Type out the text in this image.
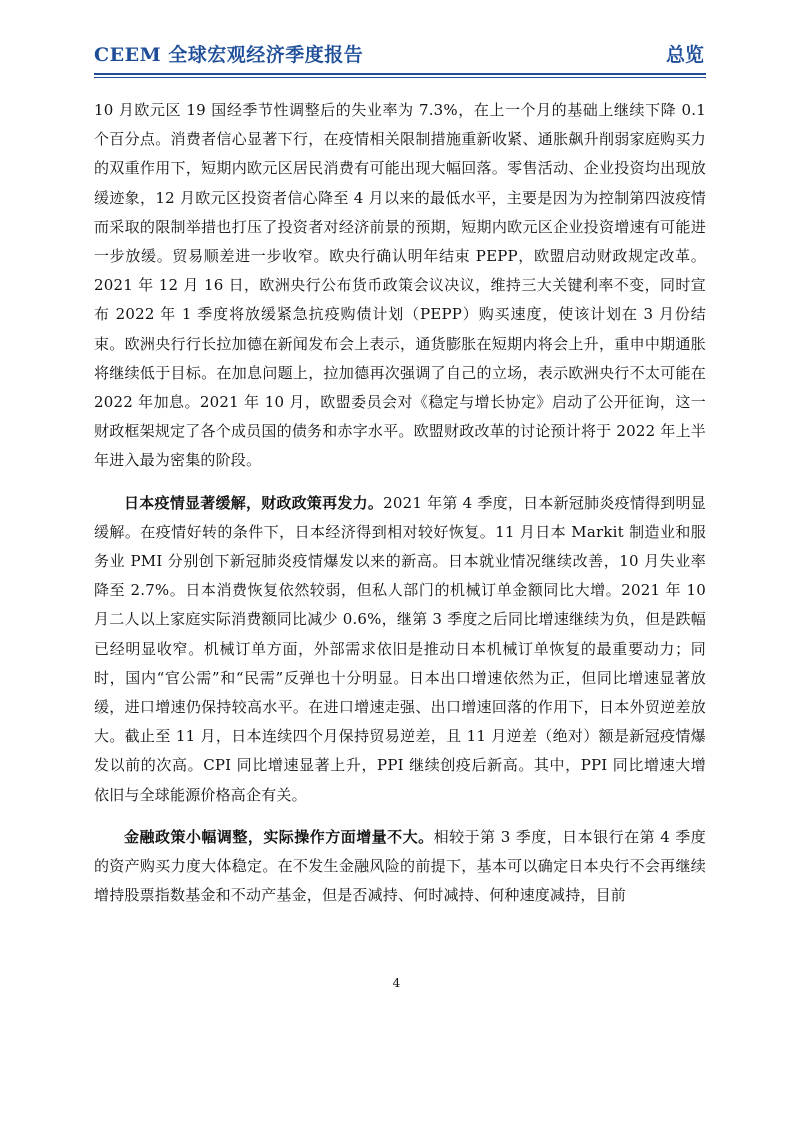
CEEM 全球宏观经济季度报告	总览

10 月欧元区 19 国经季节性调整后的失业率为 7.3%，在上一个月的基础上继续下降 0.1 个百分点。消费者信心显著下行，在疫情相关限制措施重新收紧、通胀飙升削弱家庭购买力的双重作用下，短期内欧元区居民消费有可能出现大幅回落。零售活动、企业投资均出现放缓迹象，12 月欧元区投资者信心降至 4 月以来的最低水平，主要是因为为控制第四波疫情而采取的限制举措也打压了投资者对经济前景的预期，短期内欧元区企业投资增速有可能进一步放缓。贸易顺差进一步收窄。欧央行确认明年结束 PEPP，欧盟启动财政规定改革。2021 年 12 月 16 日，欧洲央行公布货币政策会议决议，维持三大关键利率不变，同时宣布 2022 年 1 季度将放缓紧急抗疫购债计划（PEPP）购买速度，使该计划在 3 月份结束。欧洲央行行长拉加德在新闻发布会上表示，通货膨胀在短期内将会上升，重申中期通胀将继续低于目标。在加息问题上，拉加德再次强调了自己的立场，表示欧洲央行不太可能在 2022 年加息。2021 年 10 月，欧盟委员会对《稳定与增长协定》启动了公开征询，这一财政框架规定了各个成员国的债务和赤字水平。欧盟财政改革的讨论预计将于 2022 年上半年进入最为密集的阶段。

日本疫情显著缓解，财政政策再发力。2021 年第 4 季度，日本新冠肺炎疫情得到明显缓解。在疫情好转的条件下，日本经济得到相对较好恢复。11 月日本 Markit 制造业和服务业 PMI 分别创下新冠肺炎疫情爆发以来的新高。日本就业情况继续改善，10 月失业率降至 2.7%。日本消费恢复依然较弱，但私人部门的机械订单金额同比大增。2021 年 10 月二人以上家庭实际消费额同比减少 0.6%，继第 3 季度之后同比增速继续为负，但是跌幅已经明显收窄。机械订单方面，外部需求依旧是推动日本机械订单恢复的最重要动力；同时，国内“官公需”和“民需”反弹也十分明显。日本出口增速依然为正，但同比增速显著放缓，进口增速仍保持较高水平。在进口增速走强、出口增速回落的作用下，日本外贸逆差放大。截止至 11 月，日本连续四个月保持贸易逆差，且 11 月逆差（绝对）额是新冠疫情爆发以前的次高。CPI 同比增速显著上升，PPI 继续创疫后新高。其中，PPI 同比增速大增依旧与全球能源价格高企有关。

金融政策小幅调整，实际操作方面增量不大。相较于第 3 季度，日本银行在第 4 季度的资产购买力度大体稳定。在不发生金融风险的前提下，基本可以确定日本央行不会再继续增持股票指数基金和不动产基金，但是否减持、何时减持、何种速度减持，目前

4
